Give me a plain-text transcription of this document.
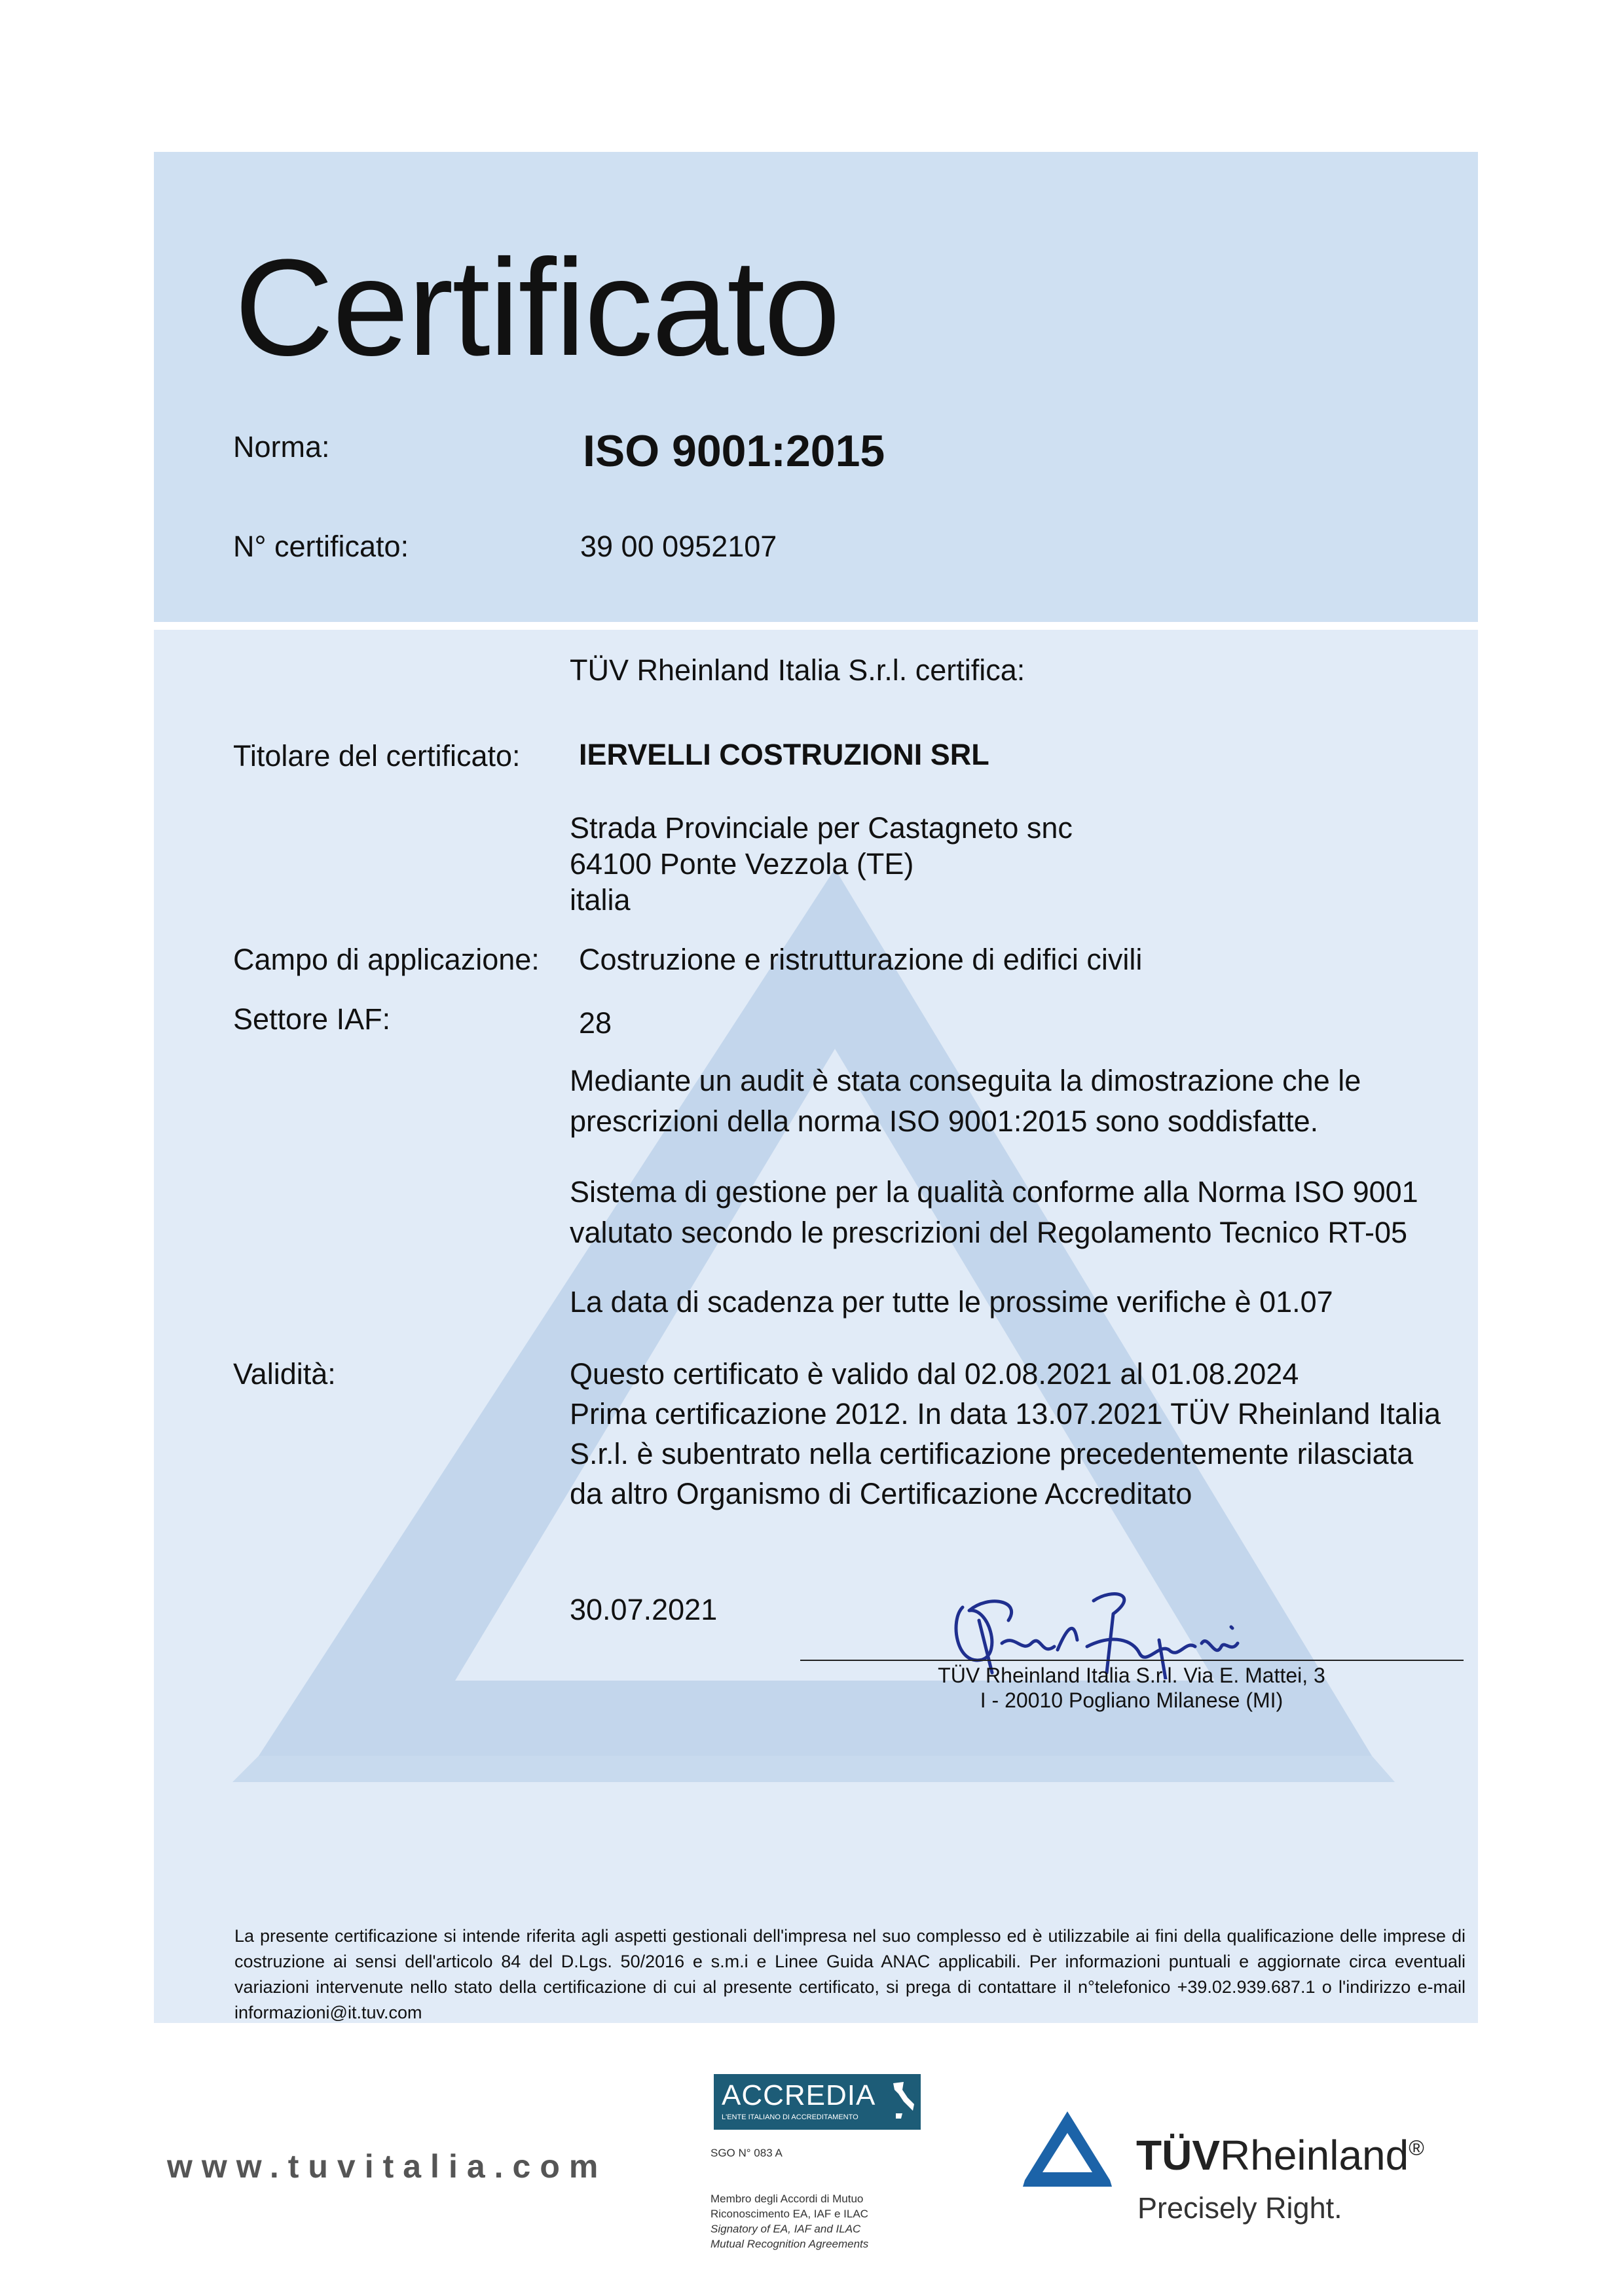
Certificato
Norma:	ISO 9001:2015
N° certificato:	39 00 0952107
TÜV Rheinland Italia S.r.l. certifica:
Titolare del certificato: IERVELLI COSTRUZIONI SRL
Strada Provinciale per Castagneto snc
64100 Ponte Vezzola (TE)
italia
Campo di applicazione: Costruzione e ristrutturazione di edifici civili
Settore IAF:	28
Mediante un audit è stata conseguita la dimostrazione che le prescrizioni della norma ISO 9001:2015 sono soddisfatte.
Sistema di gestione per la qualità conforme alla Norma ISO 9001 valutato secondo le prescrizioni del Regolamento Tecnico RT-05
La data di scadenza per tutte le prossime verifiche è 01.07
Validità:	Questo certificato è valido dal 02.08.2021 al 01.08.2024
Prima certificazione 2012. In data 13.07.2021 TÜV Rheinland Italia
S.r.l. è subentrato nella certificazione precedentemente rilasciata
da altro Organismo di Certificazione Accreditato
30.07.2021
TÜV Rheinland Italia S.r.l. Via E. Mattei, 3
I - 20010 Pogliano Milanese (MI)
La presente certificazione si intende riferita agli aspetti gestionali dell'impresa nel suo complesso ed è utilizzabile ai fini della qualificazione delle imprese di costruzione ai sensi dell'articolo 84 del D.Lgs. 50/2016 e s.m.i e Linee Guida ANAC applicabili. Per informazioni puntuali e aggiornate circa eventuali variazioni intervenute nello stato della certificazione di cui al presente certificato, si prega di contattare il n°telefonico +39.02.939.687.1 o l'indirizzo e-mail informazioni@it.tuv.com
www.tuvitalia.com
ACCREDIA
L'ENTE ITALIANO DI ACCREDITAMENTO
SGO N° 083 A
Membro degli Accordi di Mutuo
Riconoscimento EA, IAF e ILAC
Signatory of EA, IAF and ILAC
Mutual Recognition Agreements
TÜVRheinland®
Precisely Right.
